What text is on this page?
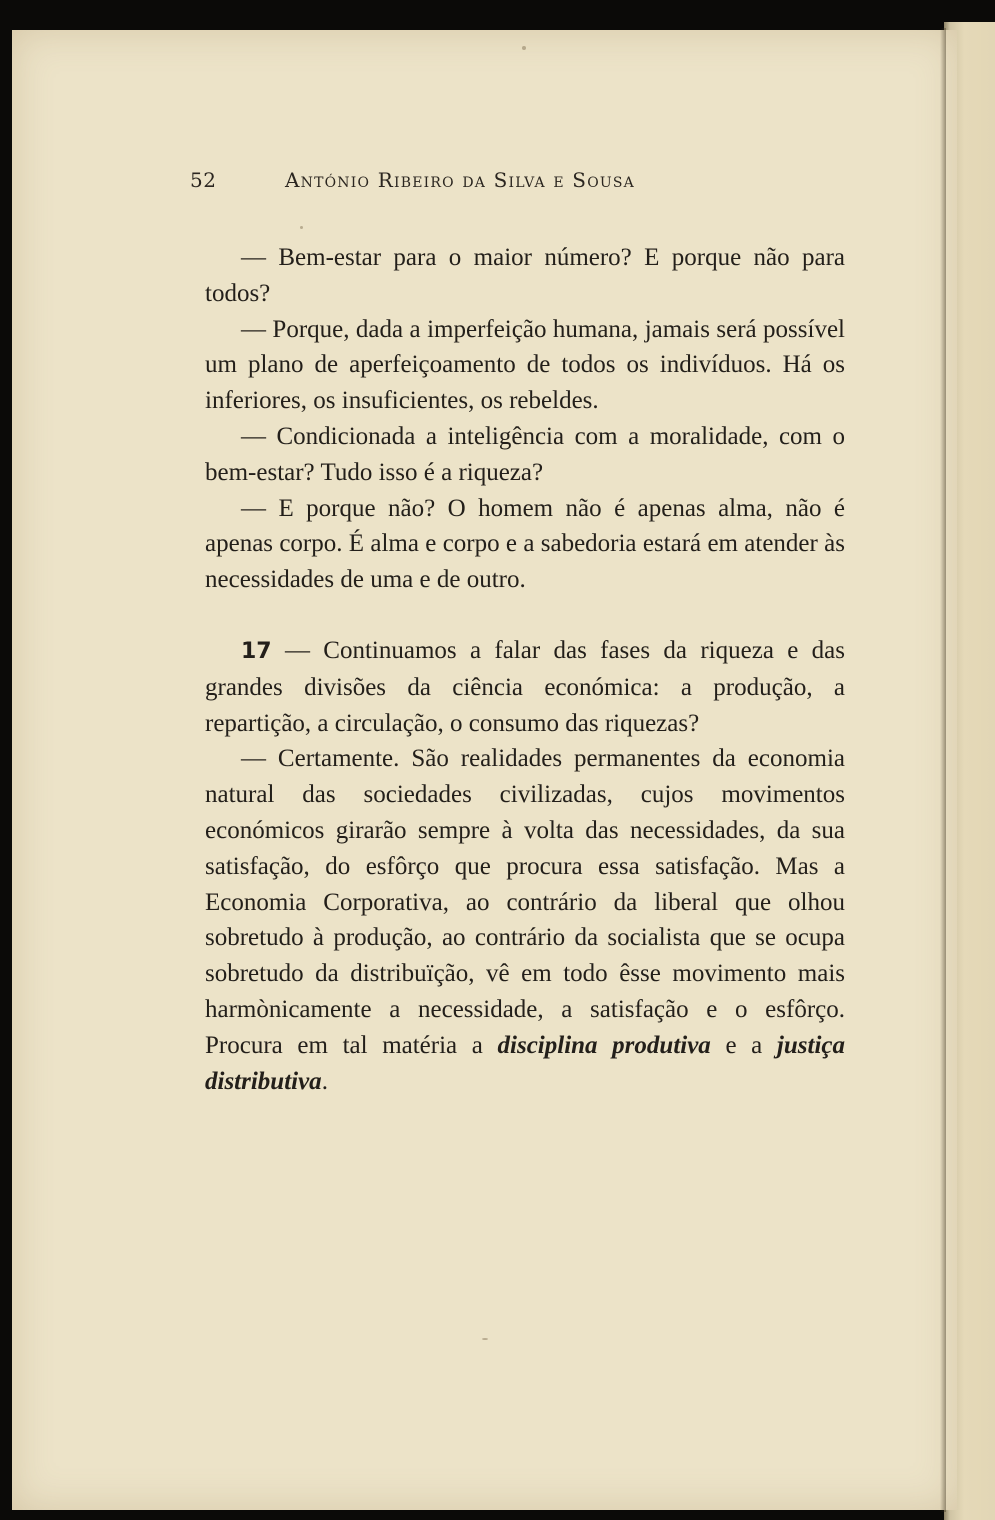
52	António Ribeiro da Silva e Sousa

— Bem-estar para o maior número? E porque não para todos?

— Porque, dada a imperfeição humana, jamais será possível um plano de aperfeiçoamento de todos os indivíduos. Há os inferiores, os insuficientes, os rebeldes.

— Condicionada a inteligência com a moralidade, com o bem-estar? Tudo isso é a riqueza?

— E porque não? O homem não é apenas alma, não é apenas corpo. É alma e corpo e a sabedoria estará em atender às necessidades de uma e de outro.

17 — Continuamos a falar das fases da riqueza e das grandes divisões da ciência económica: a produção, a repartição, a circulação, o consumo das riquezas?

— Certamente. São realidades permanentes da economia natural das sociedades civilizadas, cujos movimentos económicos girarão sempre à volta das necessidades, da sua satisfação, do esfôrço que procura essa satisfação. Mas a Economia Corporativa, ao contrário da liberal que olhou sobretudo à produção, ao contrário da socialista que se ocupa sobretudo da distribuïção, vê em todo êsse movimento mais harmònicamente a necessidade, a satisfação e o esfôrço. Procura em tal matéria a disciplina produtiva e a justiça distributiva.
